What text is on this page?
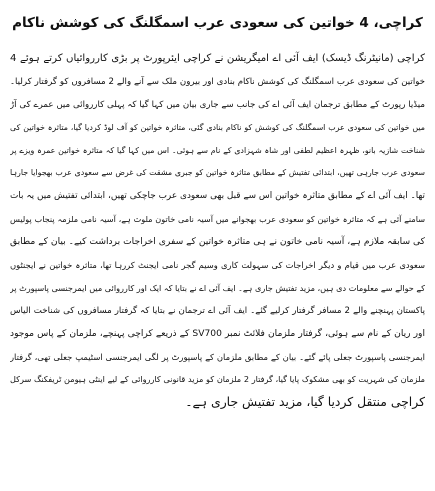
کراچی، 4 خواتین کی سعودی عرب اسمگلنگ کی کوشش ناکام
کراچی (مانیٹرنگ ڈیسک) ایف آئی اے امیگریشن نے کراچی ایئرپورٹ پر بڑی کارروائیاں کرتے ہوئے 4
خواتین کی سعودی عرب اسمگلنگ کی کوشش ناکام بنادی اور بیرون ملک سے آنے والے 2 مسافروں کو گرفتار کرلیا۔
میڈیا رپورٹ کے مطابق ترجمان ایف آئی اے کی جانب سے جاری بیان میں کہا گیا کہ پہلی کارروائی میں عمرے کی آڑ
میں خواتین کی سعودی عرب اسمگلنگ کی کوشش کو ناکام بنادی گئی، متاثرہ خواتین کو آف لوڈ کردیا گیا، متاثرہ خواتین کی
شناخت شازیہ بانو، ظہرہ اعظیم لطفی اور شاہ شہزادی کے نام سے ہوئی۔ اس میں کہا گیا کہ متاثرہ خواتین عمرہ ویزے پر
سعودی عرب جارہی تھیں، ابتدائی تفتیش کے مطابق متاثرہ خواتین کو جبری مشقت کی غرض سے سعودی عرب بھجوایا جارہا
تھا۔ ایف آئی اے کے مطابق متاثرہ خواتین اس سے قبل بھی سعودی عرب جاچکی تھیں، ابتدائی تفتیش میں یہ بات
سامنے آئی ہے کہ متاثرہ خواتین کو سعودی عرب بھجوانے میں آسیہ نامی خاتون ملوث ہے، آسیہ نامی ملزمہ پنجاب پولیس
کی سابقہ ملازم ہے، آسیہ نامی خاتون نے ہی متاثرہ خواتین کے سفری اخراجات برداشت کیے۔ بیان کے مطابق
سعودی عرب میں قیام و دیگر اخراجات کی سہولت کاری وسیم گجر نامی ایجنٹ کررہا تھا، متاثرہ خواتین نے ایجنٹوں
کے حوالے سے معلومات دی ہیں، مزید تفتیش جاری ہے۔ ایف آئی اے نے بتایا کہ ایک اور کارروائی میں ایمرجنسی پاسپورٹ پر
پاکستان پہنچنے والے 2 مسافر گرفتار کرلیے گئے۔ ایف آئی اے ترجمان نے بتایا کہ گرفتار مسافروں کی شناخت الیاس
اور ریان کے نام سے ہوئی، گرفتار ملزمان فلائٹ نمبر SV700 کے ذریعے کراچی پہنچے، ملزمان کے پاس موجود
ایمرجنسی پاسپورٹ جعلی پائے گئے۔ بیان کے مطابق ملزمان کے پاسپورٹ پر لگی ایمرجنسی اسٹیمپ جعلی تھی، گرفتار
ملزمان کی شہریت کو بھی مشکوک پایا گیا، گرفتار 2 ملزمان کو مزید قانونی کارروائی کے لیے اینٹی ہیومن ٹریفکنگ سرکل
کراچی منتقل کردیا گیا، مزید تفتیش جاری ہے۔
